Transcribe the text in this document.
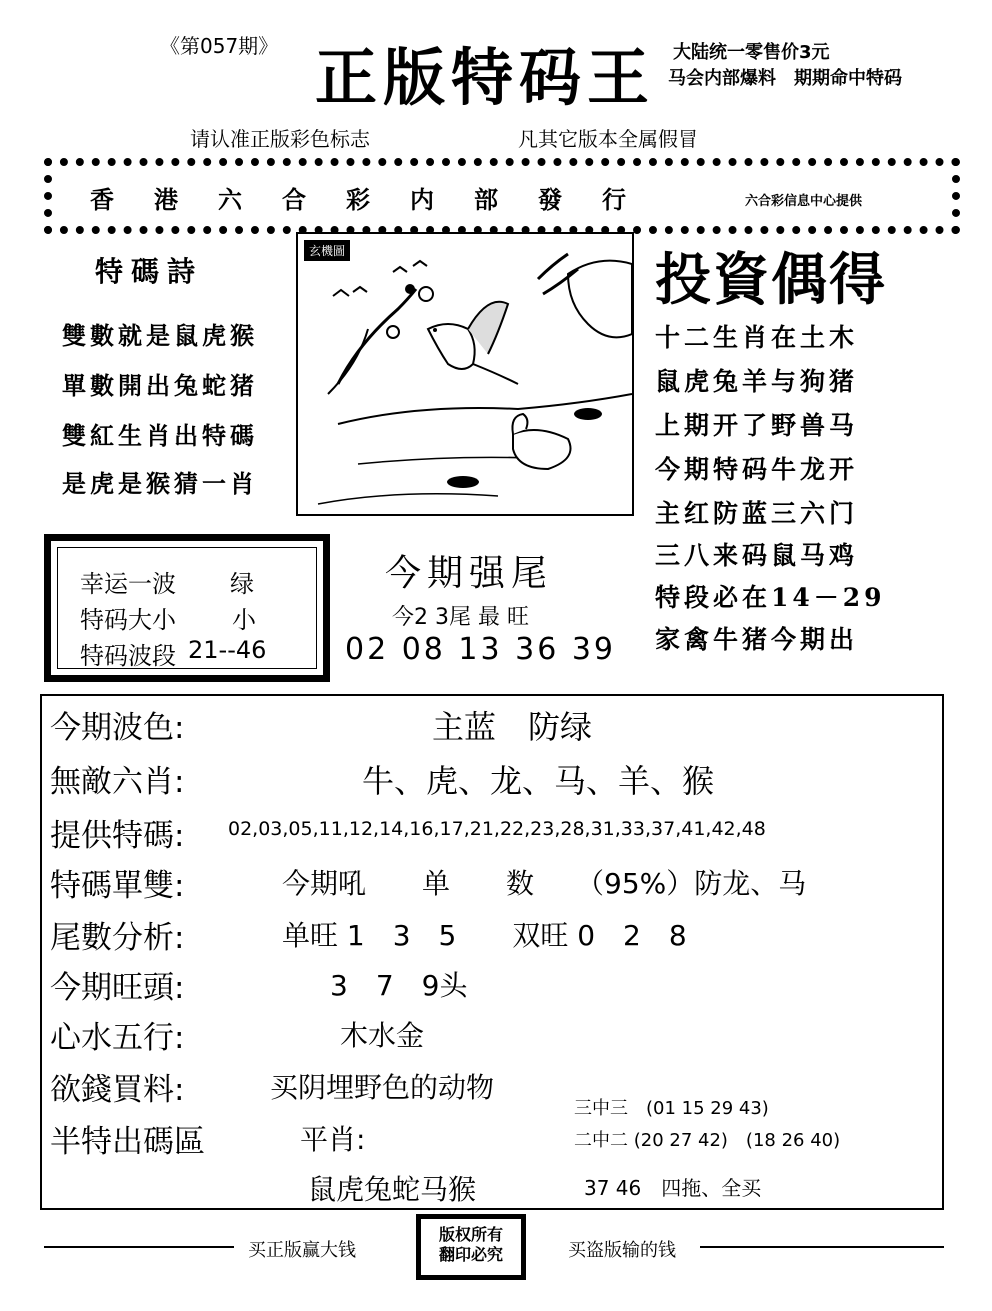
《第057期》 正版特码王 大陆统一零售价3元
马会内部爆料　期期命中特码
请认准正版彩色标志	凡其它版本全属假冒
香港六合彩内部發行	六合彩信息中心提供
特碼詩
雙數就是鼠虎猴
單數開出兔蛇猪
雙紅生肖出特碼
是虎是猴猜一肖
玄機圖	投資偶得
十二生肖在土木
鼠虎兔羊与狗猪
上期开了野兽马
今期特码牛龙开
主红防蓝三六门
三八来码鼠马鸡
特段必在14－29
家禽牛猪今期出
幸运一波 绿
特码大小 小
特码波段 21--46
今期强尾
今2 3尾 最 旺
02 08 13 36 39
今期波色:	主蓝　防绿
無敵六肖:	牛、虎、龙、马、羊、猴
提供特碼: 02,03,05,11,12,14,16,17,21,22,23,28,31,33,37,41,42,48
特碼單雙:	今期吼　　单　　数　　（95%）防龙、马
尾數分析:	单旺 1　3　5　　双旺 0　2　8
今期旺頭:	3　7　9头
心水五行:	木水金
欲錢買料:	买阴埋野色的动物
半特出碼區	平肖:
鼠虎兔蛇马猴
三中三　(01 15 29 43)
二中二 (20 27 42)　(18 26 40)
37 46　四拖、全买
买正版赢大钱
版权所有
翻印必究	买盗版输的钱
